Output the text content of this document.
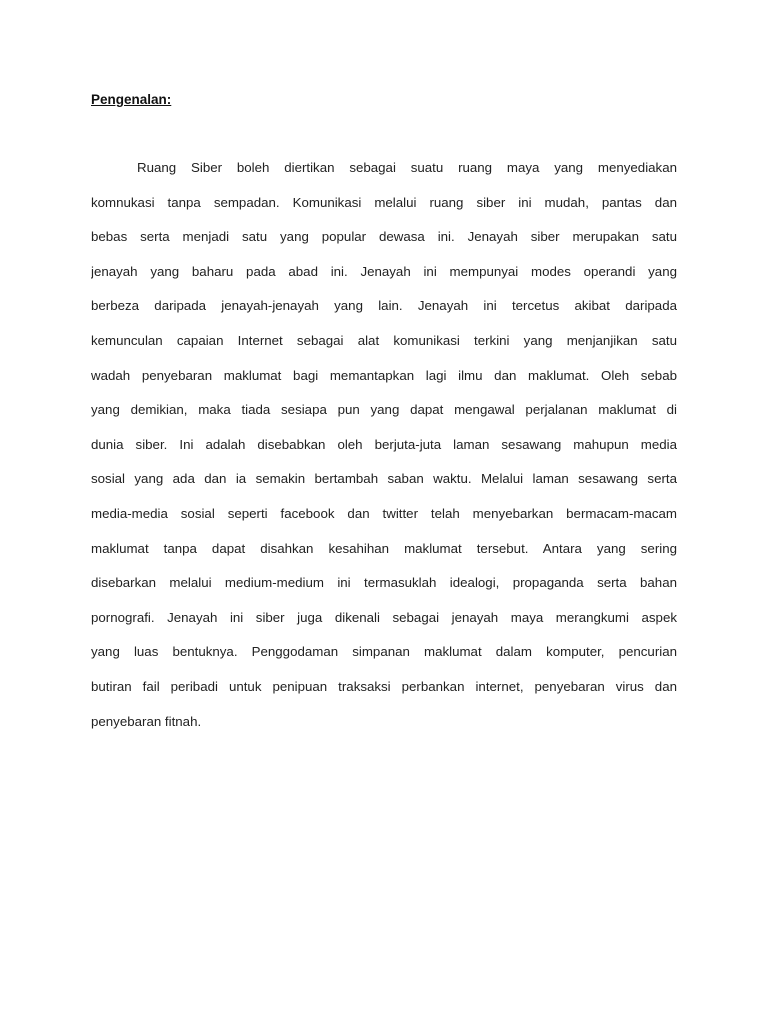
Pengenalan:
Ruang Siber boleh diertikan sebagai suatu ruang maya yang menyediakan
komnukasi tanpa sempadan. Komunikasi melalui ruang siber ini mudah, pantas dan
bebas serta menjadi satu yang popular dewasa ini. Jenayah siber merupakan satu
jenayah yang baharu pada abad ini. Jenayah ini mempunyai modes operandi yang
berbeza daripada jenayah-jenayah yang lain. Jenayah ini tercetus akibat daripada
kemunculan capaian Internet sebagai alat komunikasi terkini yang menjanjikan satu
wadah penyebaran maklumat bagi memantapkan lagi ilmu dan maklumat. Oleh sebab
yang demikian, maka tiada sesiapa pun yang dapat mengawal perjalanan maklumat di
dunia siber. Ini adalah disebabkan oleh berjuta-juta laman sesawang mahupun media
sosial yang ada dan ia semakin bertambah saban waktu. Melalui laman sesawang serta
media-media sosial seperti facebook dan twitter telah menyebarkan bermacam-macam
maklumat tanpa dapat disahkan kesahihan maklumat tersebut. Antara yang sering
disebarkan melalui medium-medium ini termasuklah idealogi, propaganda serta bahan
pornografi. Jenayah ini siber juga dikenali sebagai jenayah maya merangkumi aspek
yang luas bentuknya. Penggodaman simpanan maklumat dalam komputer, pencurian
butiran fail peribadi untuk penipuan traksaksi perbankan internet, penyebaran virus dan
penyebaran fitnah.
